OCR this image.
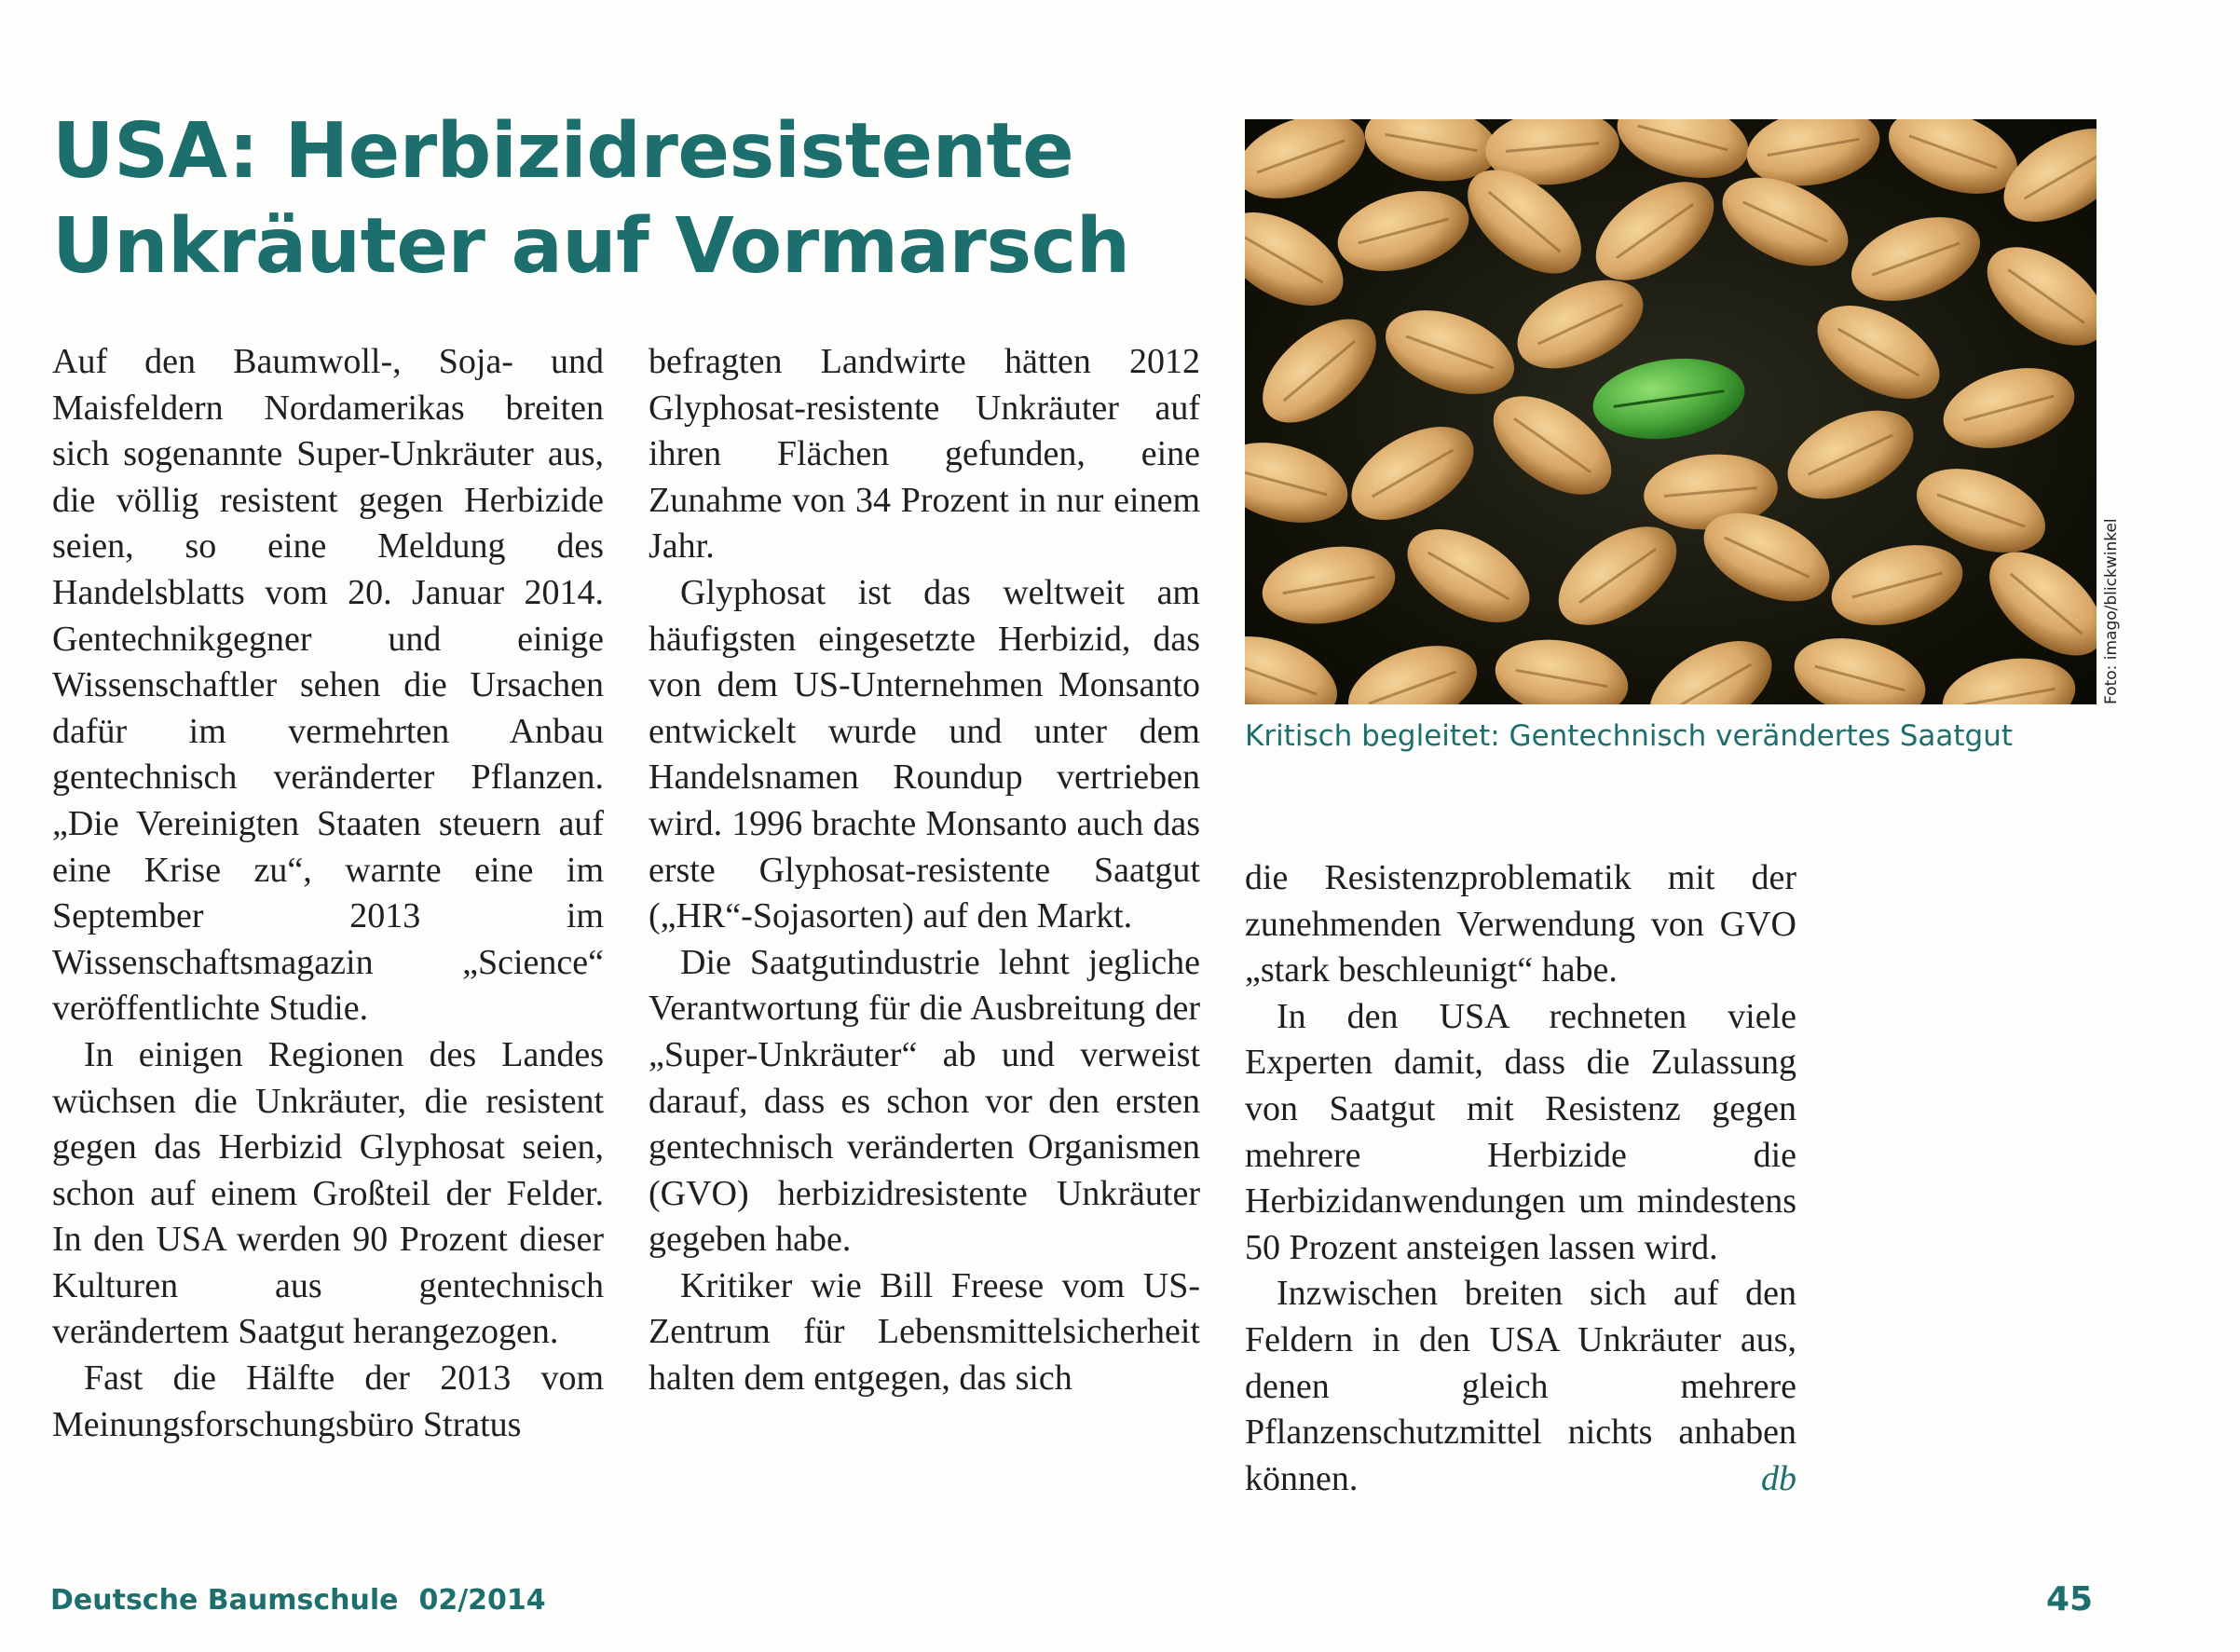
USA: Herbizidresistente
Unkräuter auf Vormarsch

Auf den Baumwoll-, Soja- und Maisfeldern Nordamerikas breiten sich sogenannte Super-Unkräuter aus, die völlig resistent gegen Herbizide seien, so eine Meldung des Handelsblatts vom 20. Januar 2014. Gentechnikgegner und einige Wissenschaftler sehen die Ursachen dafür im vermehrten Anbau gentechnisch veränderter Pflanzen. „Die Vereinigten Staaten steuern auf eine Krise zu“, warnte eine im September 2013 im Wissenschaftsmagazin „Science“ veröffentlichte Studie.

In einigen Regionen des Landes wüchsen die Unkräuter, die resistent gegen das Herbizid Glyphosat seien, schon auf einem Großteil der Felder. In den USA werden 90 Prozent dieser Kulturen aus gentechnisch verändertem Saatgut herangezogen.

Fast die Hälfte der 2013 vom Meinungsforschungsbüro Stratus

befragten Landwirte hätten 2012 Glyphosat-resistente Unkräuter auf ihren Flächen gefunden, eine Zunahme von 34 Prozent in nur einem Jahr.

Glyphosat ist das weltweit am häufigsten eingesetzte Herbizid, das von dem US-Unternehmen Monsanto entwickelt wurde und unter dem Handelsnamen Roundup vertrieben wird. 1996 brachte Monsanto auch das erste Glyphosat-resistente Saatgut („HR“-Sojasorten) auf den Markt.

Die Saatgutindustrie lehnt jegliche Verantwortung für die Ausbreitung der „Super-Unkräuter“ ab und verweist darauf, dass es schon vor den ersten gentechnisch veränderten Organismen (GVO) herbizidresistente Unkräuter gegeben habe.

Kritiker wie Bill Freese vom US-Zentrum für Lebensmittelsicherheit halten dem entgegen, das sich

die Resistenzproblematik mit der zunehmenden Verwendung von GVO „stark beschleunigt“ habe.

In den USA rechneten viele Experten damit, dass die Zulassung von Saatgut mit Resistenz gegen mehrere Herbizide die Herbizidanwendungen um mindestens 50 Prozent ansteigen lassen wird.

Inzwischen breiten sich auf den Feldern in den USA Unkräuter aus, denen gleich mehrere Pflanzenschutzmittel nichts anhaben können.	db

Foto: imago/blickwinkel

Kritisch begleitet: Gentechnisch verändertes Saatgut

Deutsche Baumschule 02/2014	45
